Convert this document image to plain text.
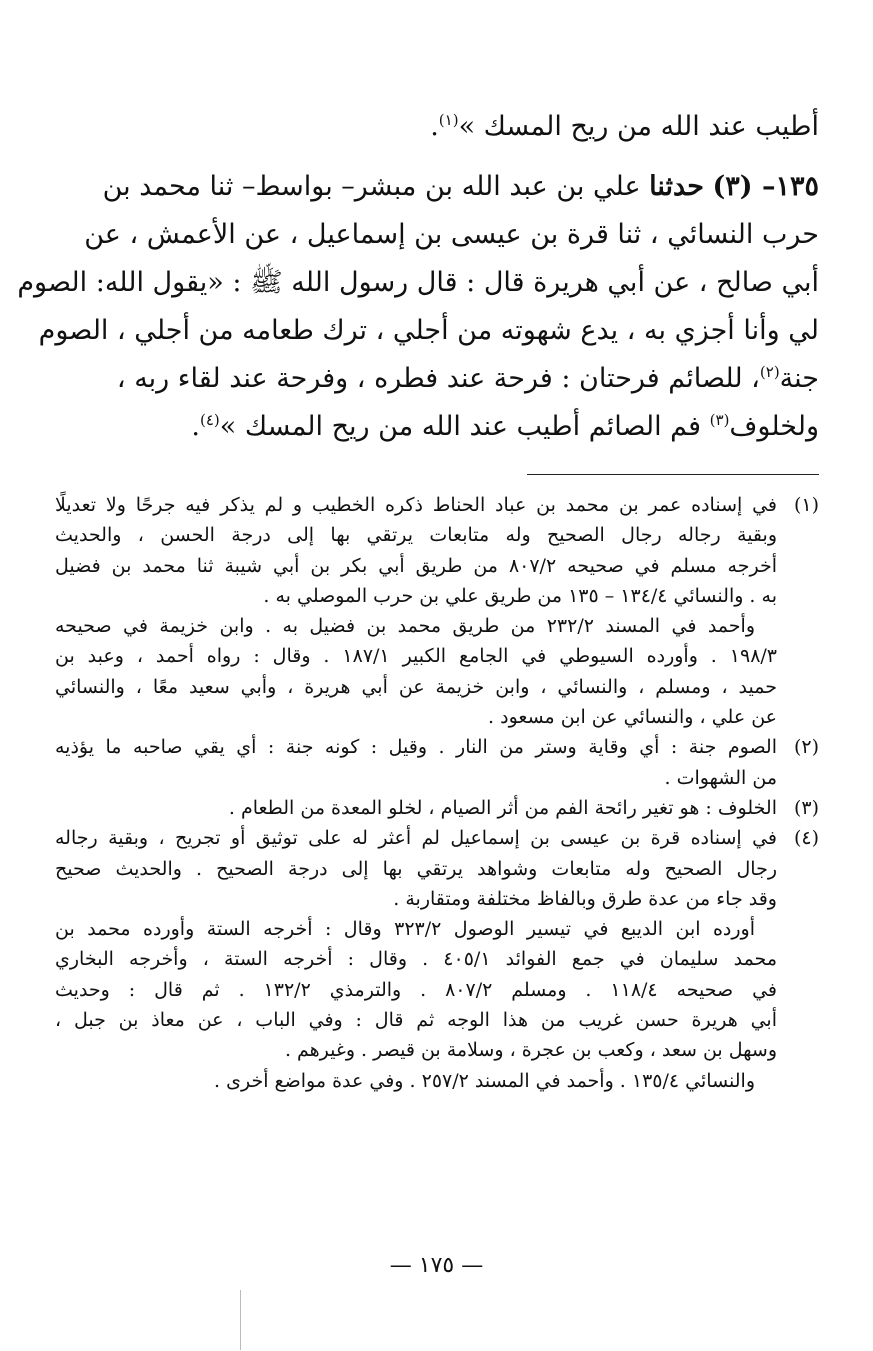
أطيب عند الله من ريح المسك »$^{(١)}$.
١٣٥– (٣) حدثنا علي بن عبد الله بن مبشر– بواسط– ثنا محمد بن
حرب النسائي ، ثنا قرة بن عيسى بن إسماعيل ، عن الأعمش ، عن
أبي صالح ، عن أبي هريرة قال : قال رسول الله ﷺ : «يقول الله: الصوم
لي وأنا أجزي به ، يدع شهوته من أجلي ، ترك طعامه من أجلي ، الصوم
جنة$^{(٢)}$، للصائم فرحتان : فرحة عند فطره ، وفرحة عند لقاء ربه ،
ولخلوف$^{(٣)}$ فم الصائم أطيب عند الله من ريح المسك »$^{(٤)}$.
(١)
في إسناده عمر بن محمد بن عباد الحناط ذكره الخطيب و لم يذكر فيه جرحًا ولا تعديلًا
وبقية رجاله رجال الصحيح وله متابعات يرتقي بها إلى درجة الحسن ، والحديث
أخرجه مسلم في صحيحه ٨٠٧/٢ من طريق أبي بكر بن أبي شيبة ثنا محمد بن فضيل
به . والنسائي ١٣٤/٤ – ١٣٥ من طريق علي بن حرب الموصلي به .
وأحمد في المسند ٢٣٢/٢ من طريق محمد بن فضيل به . وابن خزيمة في صحيحه
١٩٨/٣ . وأورده السيوطي في الجامع الكبير ١٨٧/١ . وقال : رواه أحمد ، وعبد بن
حميد ، ومسلم ، والنسائي ، وابن خزيمة عن أبي هريرة ، وأبي سعيد معًا ، والنسائي
عن علي ، والنسائي عن ابن مسعود .
(٢)
الصوم جنة : أي وقاية وستر من النار . وقيل : كونه جنة : أي يقي صاحبه ما يؤذيه
من الشهوات .
(٣)
الخلوف : هو تغير رائحة الفم من أثر الصيام ، لخلو المعدة من الطعام .
(٤)
في إسناده قرة بن عيسى بن إسماعيل لم أعثر له على توثيق أو تجريح ، وبقية رجاله
رجال الصحيح وله متابعات وشواهد يرتقي بها إلى درجة الصحيح . والحديث صحيح
وقد جاء من عدة طرق وبالفاظ مختلفة ومتقاربة .
أورده ابن الديبع في تيسير الوصول ٣٢٣/٢ وقال : أخرجه الستة وأورده محمد بن
محمد سليمان في جمع الفوائد ٤٠٥/١ . وقال : أخرجه الستة ، وأخرجه البخاري
في صحيحه ١١٨/٤ . ومسلم ٨٠٧/٢ . والترمذي ١٣٢/٢ . ثم قال : وحديث
أبي هريرة حسن غريب من هذا الوجه ثم قال : وفي الباب ، عن معاذ بن جبل ،
وسهل بن سعد ، وكعب بن عجرة ، وسلامة بن قيصر . وغيرهم .
والنسائي ١٣٥/٤ . وأحمد في المسند ٢٥٧/٢ . وفي عدة مواضع أخرى .
— ١٧٥ —
